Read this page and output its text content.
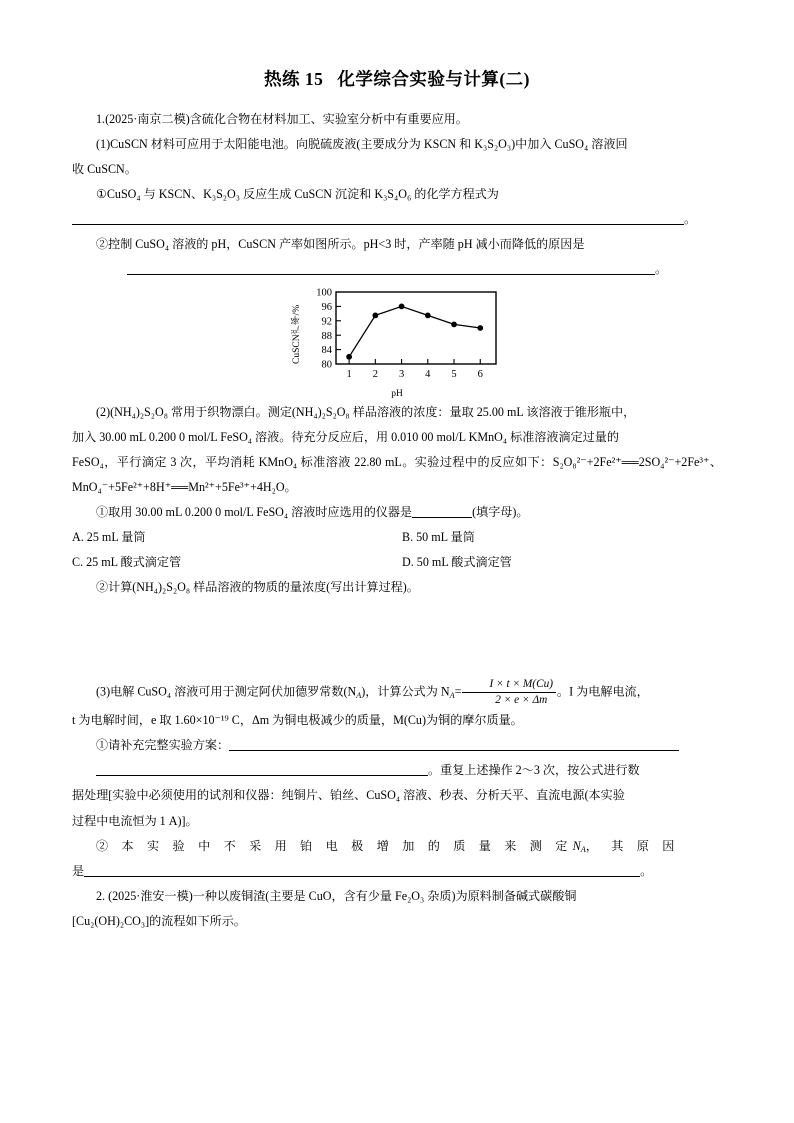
热练 15 化学综合实验与计算(二)

1.(2025·南京二模)含硫化合物在材料加工、实验室分析中有重要应用。

(1)CuSCN 材料可应用于太阳能电池。向脱硫废液(主要成分为 KSCN 和 K₃S₂O₃)中加入 CuSO₄ 溶液回

收 CuSCN。

①CuSO₄ 与 KSCN、K₃S₂O₃ 反应生成 CuSCN 沉淀和 K₃S₄O₆ 的化学方程式为

。

②控制 CuSO₄ 溶液的 pH，CuSCN 产率如图所示。pH<3 时，产率随 pH 减小而降低的原因是

。
CuSCN产率/%
80
84
88
92
96
100
1 2 3 4 5 6
pH

(2)(NH₄)₂S₂O₈ 常用于织物漂白。测定(NH₄)₂S₂O₈ 样品溶液的浓度：量取 25.00 mL 该溶液于锥形瓶中，

加入 30.00 mL 0.200 0 mol/L FeSO₄ 溶液。待充分反应后，用 0.010 00 mol/L KMnO₄ 标准溶液滴定过量的

FeSO₄，平行滴定 3 次，平均消耗 KMnO₄ 标准溶液 22.80 mL。实验过程中的反应如下：S₂O₈²⁻+2Fe²⁺══2SO₄²⁻+2Fe³⁺、MnO₄⁻+5Fe²⁺+8H⁺══Mn²⁺+5Fe³⁺+4H₂O。

①取用 30.00 mL 0.200 0 mol/L FeSO₄ 溶液时应选用的仪器是	(填字母)。

A. 25 mL 量筒	B. 50 mL 量筒
C. 25 mL 酸式滴定管	D. 50 mL 酸式滴定管

②计算(NH₄)₂S₂O₈ 样品溶液的物质的量浓度(写出计算过程)。

(3)电解 CuSO₄ 溶液可用于测定阿伏加德罗常数$(N_A)$，计算公式为 $N_A= \frac{I \times t \times M(Cu)}{2 \times e \times \Delta m}$ 。I 为电解电流，

t 为电解时间，e 取 1.60×10⁻¹⁹ C，Δm 为铜电极减少的质量，M(Cu)为铜的摩尔质量。

①请补充完整实验方案：

。重复上述操作 2～3 次，按公式进行数

据处理[实验中必须使用的试剂和仪器：纯铜片、铂丝、CuSO₄ 溶液、秒表、分析天平、直流电源(本实验

过程中电流恒为 1 A)]。

② 本 实 验 中 不 采 用 铂 电 极 增 加 的 质 量 来 测 定$N_A$， 其 原 因

是	。

2. (2025·淮安一模)一种以废铜渣(主要是 CuO，含有少量 Fe₂O₃ 杂质)为原料制备碱式碳酸铜

[Cu₂(OH)₂CO₃]的流程如下所示。
